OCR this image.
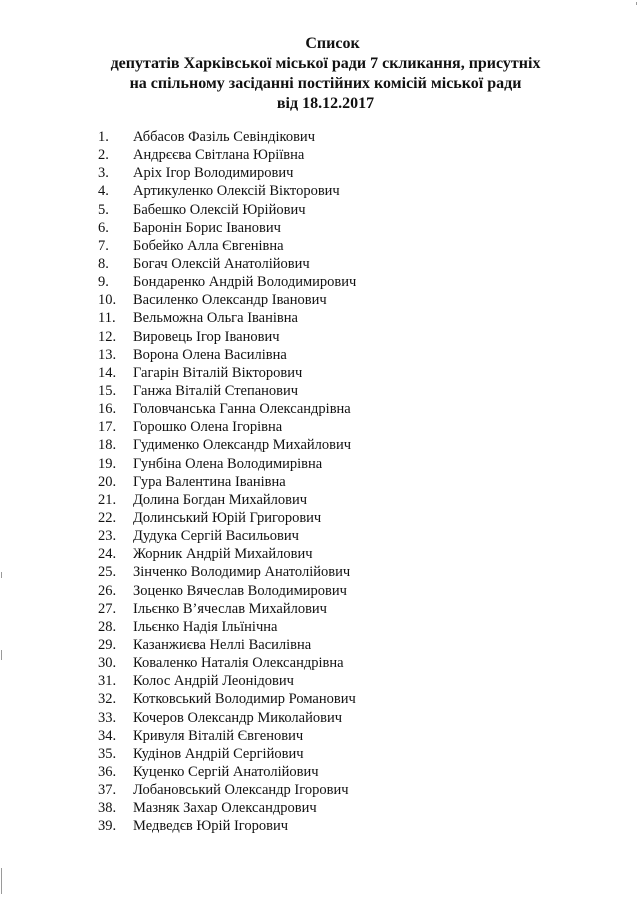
Список
депутатів Харківської міської ради 7 скликання, присутніх
на спільному засіданні постійних комісій міської ради
від 18.12.2017
1. Аббасов Фазіль Севіндікович
2. Андрєєва Світлана Юріївна
3. Аріх Ігор Володимирович
4. Артикуленко Олексій Вікторович
5. Бабешко Олексій Юрійович
6. Баронін Борис Іванович
7. Бобейко Алла Євгенівна
8. Богач Олексій Анатолійович
9. Бондаренко Андрій Володимирович
10. Василенко Олександр Іванович
11. Вельможна Ольга Іванівна
12. Вировець Ігор Іванович
13. Ворона Олена Василівна
14. Гагарін Віталій Вікторович
15. Ганжа Віталій Степанович
16. Головчанська Ганна Олександрівна
17. Горошко Олена Ігорівна
18. Гудименко Олександр Михайлович
19. Гунбіна Олена Володимирівна
20. Гура Валентина Іванівна
21. Долина Богдан Михайлович
22. Долинський Юрій Григорович
23. Дудука Сергій Васильович
24. Жорник Андрій Михайлович
25. Зінченко Володимир Анатолійович
26. Зоценко Вячеслав Володимирович
27. Ільєнко В’ячеслав Михайлович
28. Ільєнко Надія Ільїнічна
29. Казанжиєва Неллі Василівна
30. Коваленко Наталія Олександрівна
31. Колос Андрій Леонідович
32. Котковський Володимир Романович
33. Кочеров Олександр Миколайович
34. Кривуля Віталій Євгенович
35. Кудінов Андрій Сергійович
36. Куценко Сергій Анатолійович
37. Лобановський Олександр Ігорович
38. Мазняк Захар Олександрович
39. Медведєв Юрій Ігорович
